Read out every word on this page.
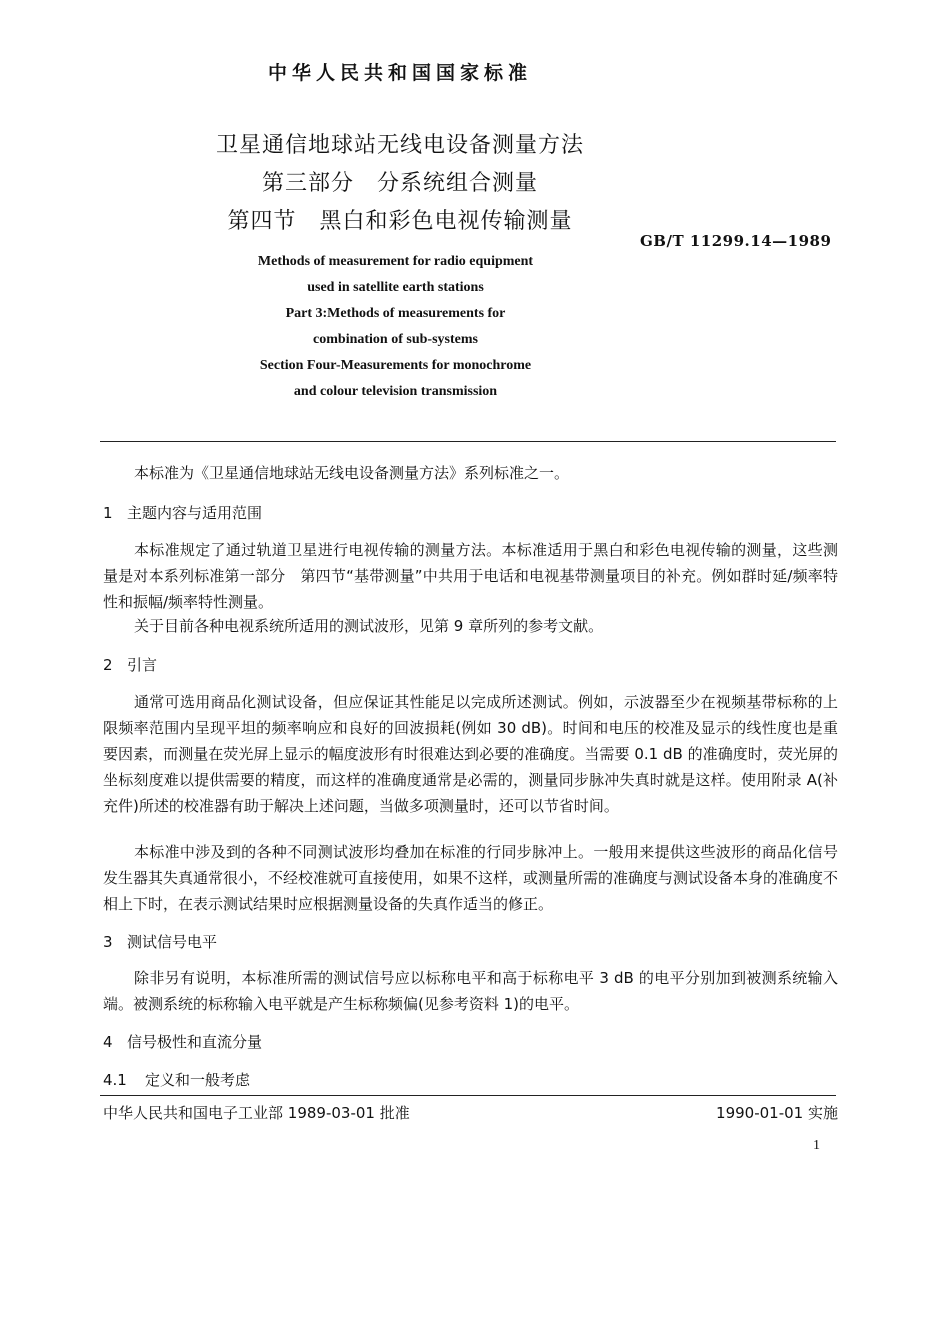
中华人民共和国国家标准
卫星通信地球站无线电设备测量方法
第三部分　分系统组合测量
第四节　黑白和彩色电视传输测量
GB/T 11299.14—1989
Methods of measurement for radio equipment
used in satellite earth stations
Part 3:Methods of measurements for
combination of sub-systems
Section Four-Measurements for monochrome
and colour television transmission
本标准为《卫星通信地球站无线电设备测量方法》系列标准之一。
1 主题内容与适用范围
本标准规定了通过轨道卫星进行电视传输的测量方法。本标准适用于黑白和彩色电视传输的测量，这些测量是对本系列标准第一部分　第四节“基带测量”中共用于电话和电视基带测量项目的补充。例如群时延/频率特性和振幅/频率特性测量。
关于目前各种电视系统所适用的测试波形，见第 9 章所列的参考文献。
2 引言
通常可选用商品化测试设备，但应保证其性能足以完成所述测试。例如，示波器至少在视频基带标称的上限频率范围内呈现平坦的频率响应和良好的回波损耗(例如 30 dB)。时间和电压的校准及显示的线性度也是重要因素，而测量在荧光屏上显示的幅度波形有时很难达到必要的准确度。当需要 0.1 dB 的准确度时，荧光屏的坐标刻度难以提供需要的精度，而这样的准确度通常是必需的，测量同步脉冲失真时就是这样。使用附录 A(补充件)所述的校准器有助于解决上述问题，当做多项测量时，还可以节省时间。
本标准中涉及到的各种不同测试波形均叠加在标准的行同步脉冲上。一般用来提供这些波形的商品化信号发生器其失真通常很小，不经校准就可直接使用，如果不这样，或测量所需的准确度与测试设备本身的准确度不相上下时，在表示测试结果时应根据测量设备的失真作适当的修正。
3 测试信号电平
除非另有说明，本标准所需的测试信号应以标称电平和高于标称电平 3 dB 的电平分别加到被测系统输入端。被测系统的标称输入电平就是产生标称频偏(见参考资料 1)的电平。
4 信号极性和直流分量
4.1 定义和一般考虑
中华人民共和国电子工业部 1989-03-01 批准	1990-01-01 实施
1
